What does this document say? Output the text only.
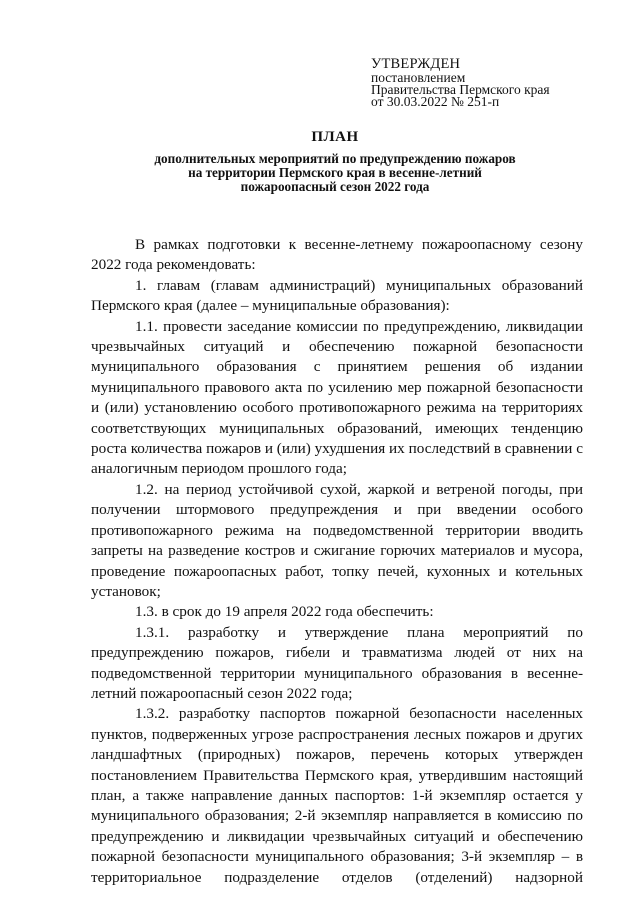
УТВЕРЖДЕН
постановлением
Правительства Пермского края
от 30.03.2022 № 251-п
ПЛАН
дополнительных мероприятий по предупреждению пожаров
на территории Пермского края в весенне-летний
пожароопасный сезон 2022 года

В рамках подготовки к весенне-летнему пожароопасному сезону 2022 года рекомендовать:

1. главам (главам администраций) муниципальных образований Пермского края (далее – муниципальные образования):

1.1. провести заседание комиссии по предупреждению, ликвидации чрезвычайных ситуаций и обеспечению пожарной безопасности муниципального образования с принятием решения об издании муниципального правового акта по усилению мер пожарной безопасности и (или) установлению особого противопожарного режима на территориях соответствующих муниципальных образований, имеющих тенденцию роста количества пожаров и (или) ухудшения их последствий в сравнении с аналогичным периодом прошлого года;

1.2. на период устойчивой сухой, жаркой и ветреной погоды, при получении штормового предупреждения и при введении особого противопожарного режима на подведомственной территории вводить запреты на разведение костров и сжигание горючих материалов и мусора, проведение пожароопасных работ, топку печей, кухонных и котельных установок;

1.3. в срок до 19 апреля 2022 года обеспечить:

1.3.1. разработку и утверждение плана мероприятий по предупреждению пожаров, гибели и травматизма людей от них на подведомственной территории муниципального образования в весенне-летний пожароопасный сезон 2022 года;

1.3.2. разработку паспортов пожарной безопасности населенных пунктов, подверженных угрозе распространения лесных пожаров и других ландшафтных (природных) пожаров, перечень которых утвержден постановлением Правительства Пермского края, утвердившим настоящий план, а также направление данных паспортов: 1-й экземпляр остается у муниципального образования; 2-й экземпляр направляется в комиссию по предупреждению и ликвидации чрезвычайных ситуаций и обеспечению пожарной безопасности муниципального образования; 3-й экземпляр – в территориальное подразделение отделов (отделений) надзорной
